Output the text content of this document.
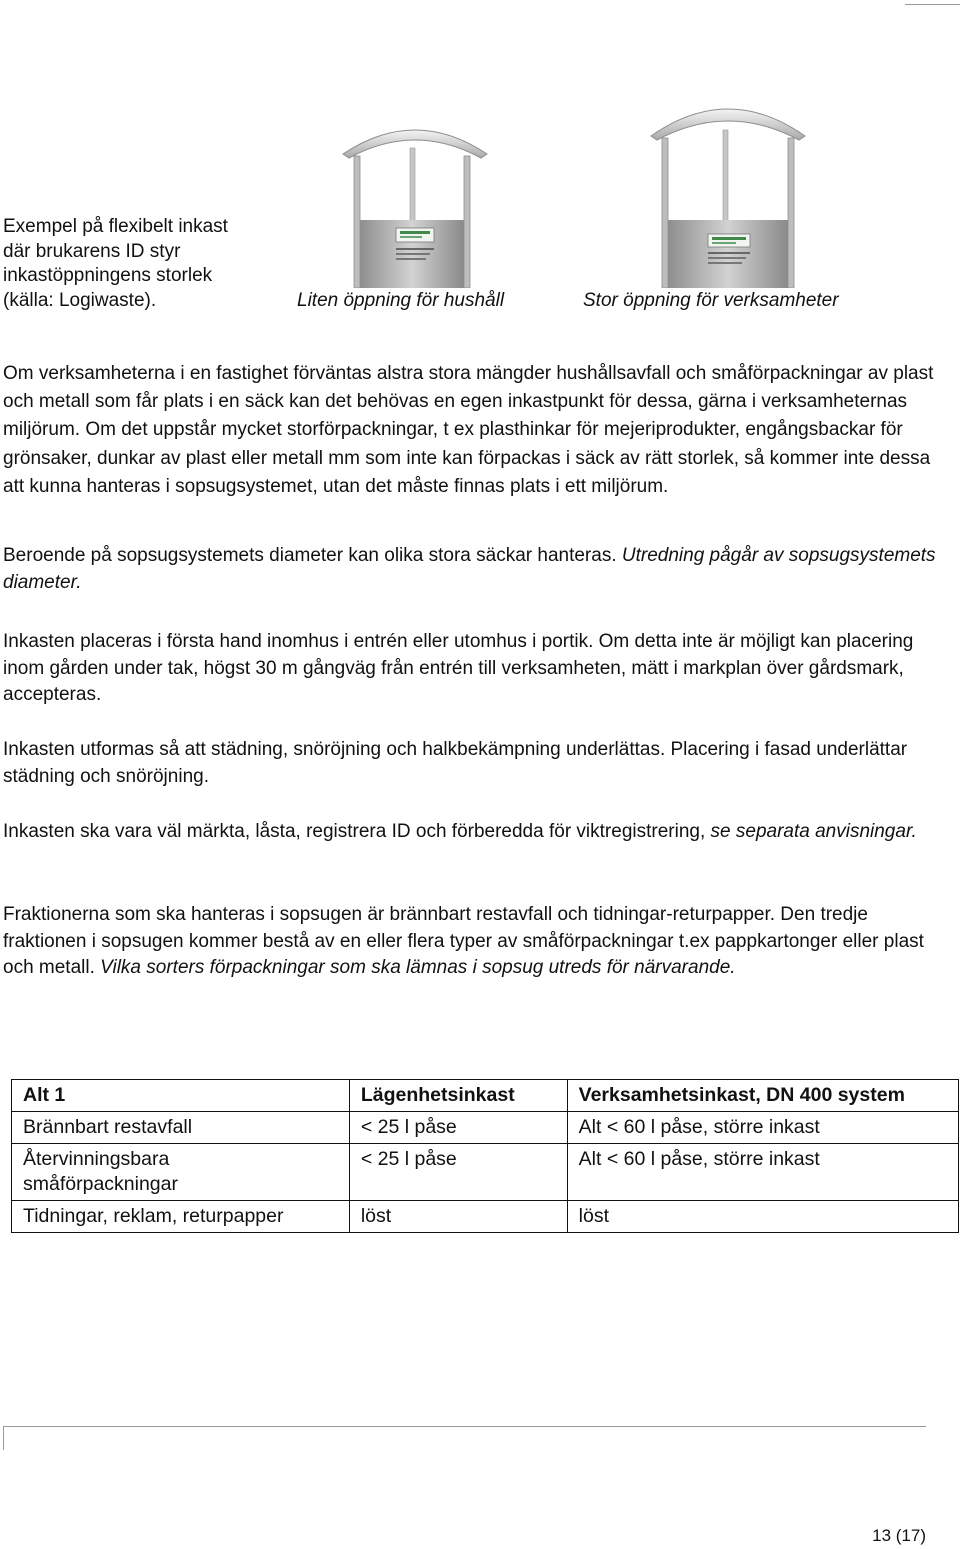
Exempel på flexibelt inkast där brukarens ID styr inkastöppningens storlek (källa: Logiwaste).	Liten öppning för hushåll	Stor öppning för verksamheter

Om verksamheterna i en fastighet förväntas alstra stora mängder hushållsavfall och småförpackningar av plast och metall som får plats i en säck kan det behövas en egen inkastpunkt för dessa, gärna i verksamheternas miljörum. Om det uppstår mycket storförpackningar, t ex plasthinkar för mejeriprodukter, engångsbackar för grönsaker, dunkar av plast eller metall mm som inte kan förpackas i säck av rätt storlek, så kommer inte dessa att kunna hanteras i sopsugsystemet, utan det måste finnas plats i ett miljörum.

Beroende på sopsugsystemets diameter kan olika stora säckar hanteras. Utredning pågår av sopsugsystemets diameter.

Inkasten placeras i första hand inomhus i entrén eller utomhus i portik. Om detta inte är möjligt kan placering inom gården under tak, högst 30 m gångväg från entrén till verksamheten, mätt i markplan över gårdsmark, accepteras.

Inkasten utformas så att städning, snöröjning och halkbekämpning underlättas. Placering i fasad underlättar städning och snöröjning.

Inkasten ska vara väl märkta, låsta, registrera ID och förberedda för viktregistrering, se separata anvisningar.

Fraktionerna som ska hanteras i sopsugen är brännbart restavfall och tidningar-returpapper. Den tredje fraktionen i sopsugen kommer bestå av en eller flera typer av småförpackningar t.ex pappkartonger eller plast och metall. Vilka sorters förpackningar som ska lämnas i sopsug utreds för närvarande.

Alt 1	Lägenhetsinkast	Verksamhetsinkast, DN 400 system
Brännbart restavfall	< 25 l påse	Alt < 60 l påse, större inkast
Återvinningsbara småförpackningar	< 25 l påse	Alt < 60 l påse, större inkast
Tidningar, reklam, returpapper	löst	löst
13 (17)
